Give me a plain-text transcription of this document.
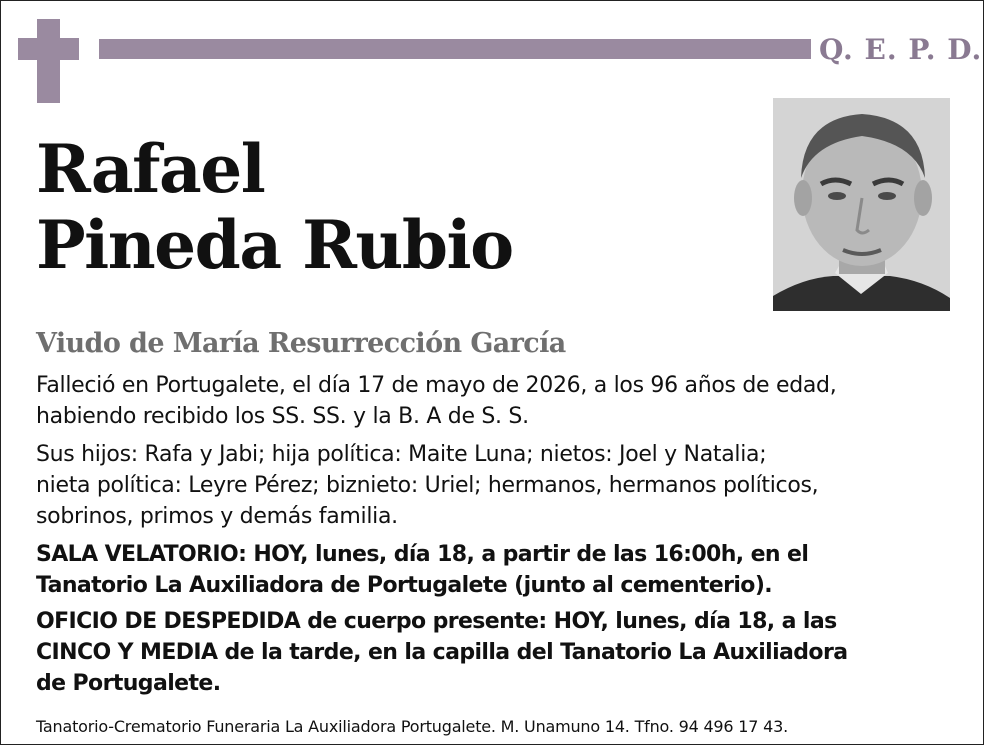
Q. E. P. D.
Rafael
Pineda Rubio
Viudo de María Resurrección García
Falleció en Portugalete, el día 17 de mayo de 2026, a los 96 años de edad,
habiendo recibido los SS. SS. y la B. A de S. S.
Sus hijos: Rafa y Jabi; hija política: Maite Luna; nietos: Joel y Natalia;
nieta política: Leyre Pérez; biznieto: Uriel; hermanos, hermanos políticos,
sobrinos, primos y demás familia.
SALA VELATORIO: HOY, lunes, día 18, a partir de las 16:00h, en el
Tanatorio La Auxiliadora de Portugalete (junto al cementerio).
OFICIO DE DESPEDIDA de cuerpo presente: HOY, lunes, día 18, a las
CINCO Y MEDIA de la tarde, en la capilla del Tanatorio La Auxiliadora
de Portugalete.
Tanatorio-Crematorio Funeraria La Auxiliadora Portugalete. M. Unamuno 14. Tfno. 94 496 17 43.
